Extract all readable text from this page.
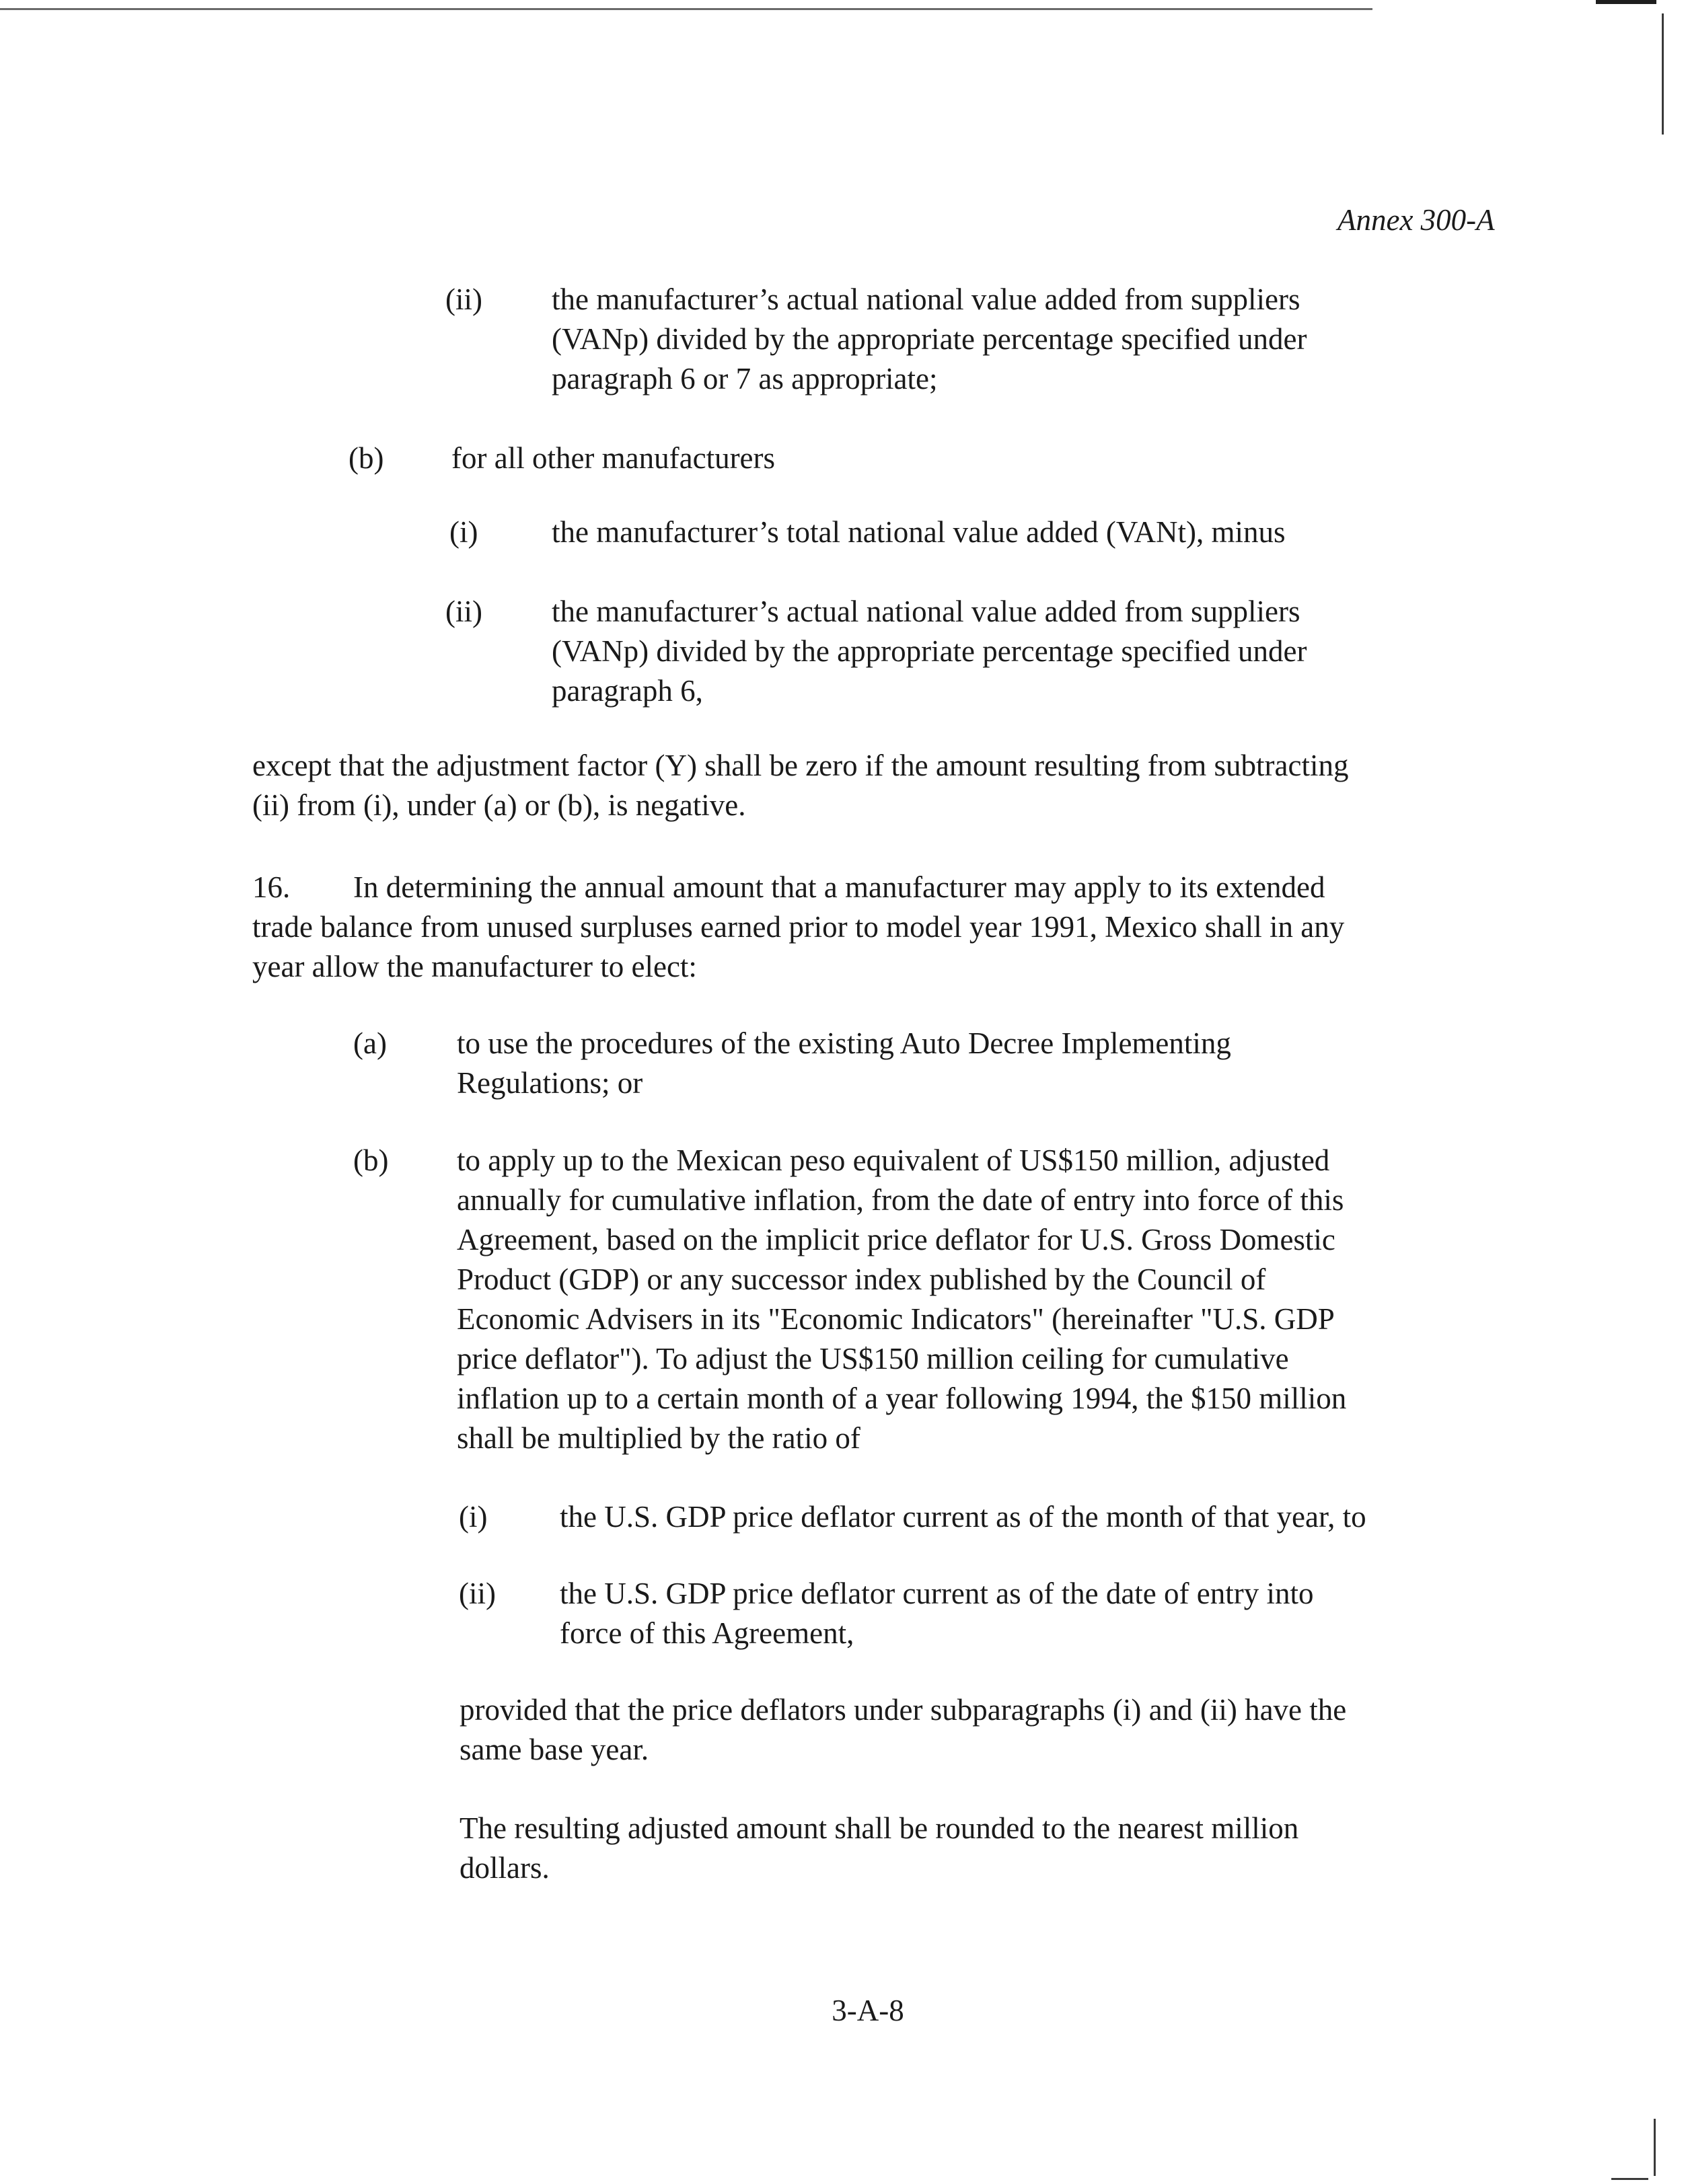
Annex 300-A

(ii) the manufacturer’s actual national value added from suppliers

(VANp) divided by the appropriate percentage specified under

paragraph 6 or 7 as appropriate;

(b) for all other manufacturers

(i) the manufacturer’s total national value added (VANt), minus

(ii) the manufacturer’s actual national value added from suppliers

(VANp) divided by the appropriate percentage specified under

paragraph 6,

except that the adjustment factor (Y) shall be zero if the amount resulting from subtracting

(ii) from (i), under (a) or (b), is negative.

16. In determining the annual amount that a manufacturer may apply to its extended

trade balance from unused surpluses earned prior to model year 1991, Mexico shall in any

year allow the manufacturer to elect:

(a) to use the procedures of the existing Auto Decree Implementing

Regulations; or

(b) to apply up to the Mexican peso equivalent of US$150 million, adjusted

annually for cumulative inflation, from the date of entry into force of this

Agreement, based on the implicit price deflator for U.S. Gross Domestic

Product (GDP) or any successor index published by the Council of

Economic Advisers in its "Economic Indicators" (hereinafter "U.S. GDP

price deflator"). To adjust the US$150 million ceiling for cumulative

inflation up to a certain month of a year following 1994, the $150 million

shall be multiplied by the ratio of

(i) the U.S. GDP price deflator current as of the month of that year, to

(ii) the U.S. GDP price deflator current as of the date of entry into

force of this Agreement,

provided that the price deflators under subparagraphs (i) and (ii) have the

same base year.

The resulting adjusted amount shall be rounded to the nearest million

dollars.

3-A-8
